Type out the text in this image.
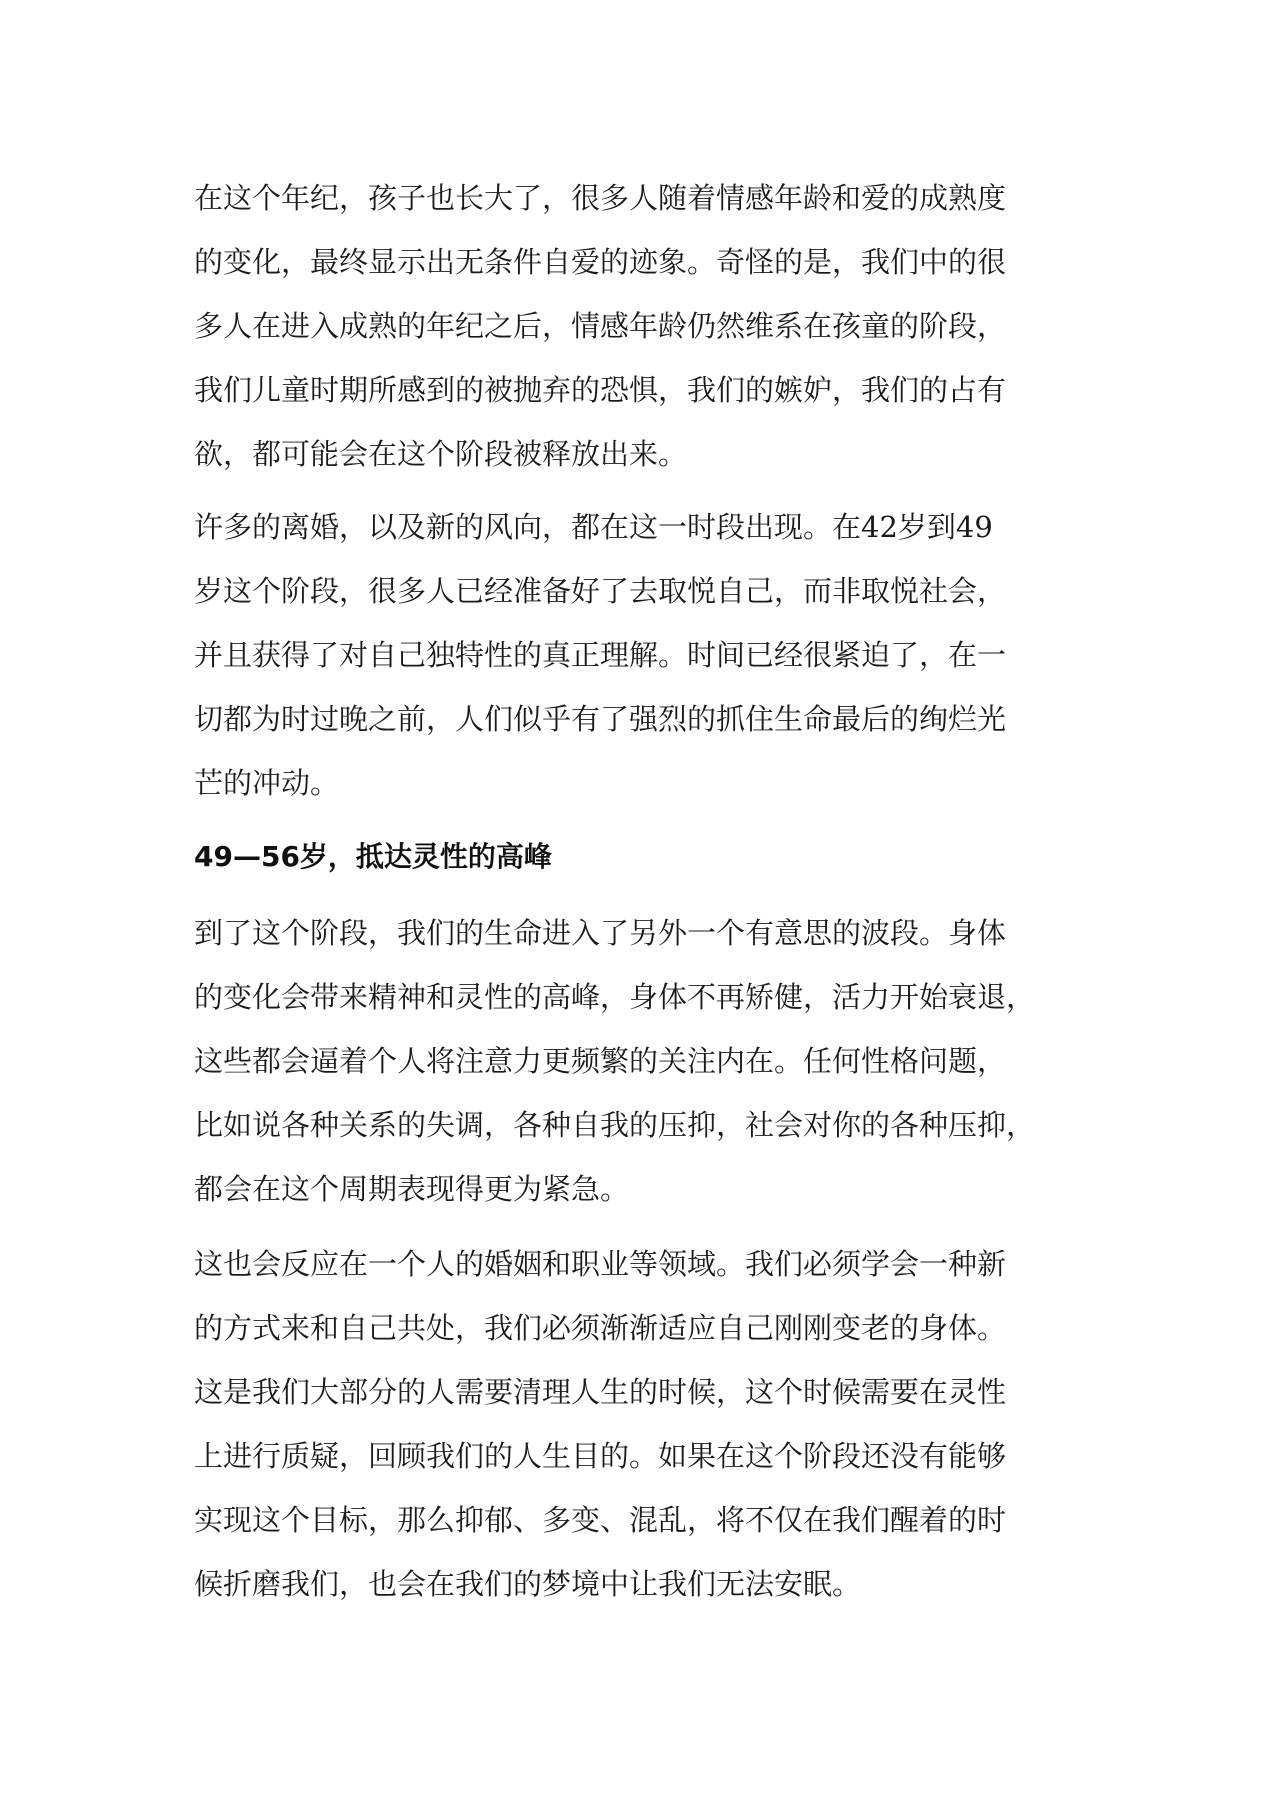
在这个年纪，孩子也长大了，很多人随着情感年龄和爱的成熟度
的变化，最终显示出无条件自爱的迹象。奇怪的是，我们中的很
多人在进入成熟的年纪之后，情感年龄仍然维系在孩童的阶段，
我们儿童时期所感到的被抛弃的恐惧，我们的嫉妒，我们的占有
欲，都可能会在这个阶段被释放出来。
许多的离婚，以及新的风向，都在这一时段出现。在42岁到49
岁这个阶段，很多人已经准备好了去取悦自己，而非取悦社会，
并且获得了对自己独特性的真正理解。时间已经很紧迫了，在一
切都为时过晚之前，人们似乎有了强烈的抓住生命最后的绚烂光
芒的冲动。
49—56岁，抵达灵性的高峰
到了这个阶段，我们的生命进入了另外一个有意思的波段。身体
的变化会带来精神和灵性的高峰，身体不再矫健，活力开始衰退，
这些都会逼着个人将注意力更频繁的关注内在。任何性格问题，
比如说各种关系的失调，各种自我的压抑，社会对你的各种压抑，
都会在这个周期表现得更为紧急。
这也会反应在一个人的婚姻和职业等领域。我们必须学会一种新
的方式来和自己共处，我们必须渐渐适应自己刚刚变老的身体。
这是我们大部分的人需要清理人生的时候，这个时候需要在灵性
上进行质疑，回顾我们的人生目的。如果在这个阶段还没有能够
实现这个目标，那么抑郁、多变、混乱，将不仅在我们醒着的时
候折磨我们，也会在我们的梦境中让我们无法安眠。
